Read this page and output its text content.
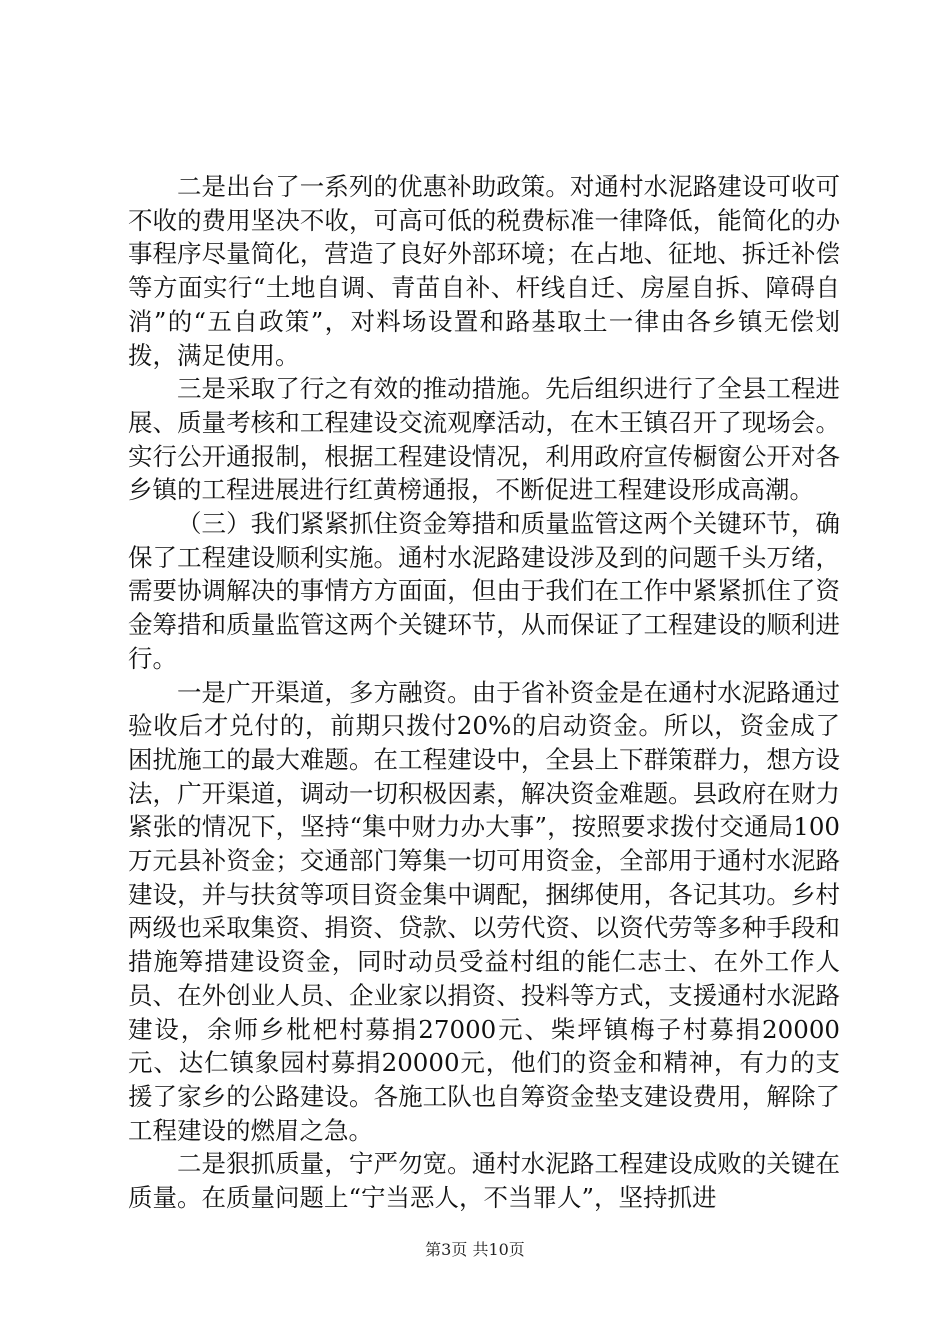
二是出台了一系列的优惠补助政策。对通村水泥路建设可收可不收的费用坚决不收，可高可低的税费标准一律降低，能简化的办事程序尽量简化，营造了良好外部环境；在占地、征地、拆迁补偿等方面实行“土地自调、青苗自补、杆线自迁、房屋自拆、障碍自消”的“五自政策”，对料场设置和路基取土一律由各乡镇无偿划拨，满足使用。

三是采取了行之有效的推动措施。先后组织进行了全县工程进展、质量考核和工程建设交流观摩活动，在木王镇召开了现场会。实行公开通报制，根据工程建设情况，利用政府宣传橱窗公开对各乡镇的工程进展进行红黄榜通报，不断促进工程建设形成高潮。

（三）我们紧紧抓住资金筹措和质量监管这两个关键环节，确保了工程建设顺利实施。通村水泥路建设涉及到的问题千头万绪，需要协调解决的事情方方面面，但由于我们在工作中紧紧抓住了资金筹措和质量监管这两个关键环节，从而保证了工程建设的顺利进行。

一是广开渠道，多方融资。由于省补资金是在通村水泥路通过验收后才兑付的，前期只拨付20%的启动资金。所以，资金成了困扰施工的最大难题。在工程建设中，全县上下群策群力，想方设法，广开渠道，调动一切积极因素，解决资金难题。县政府在财力紧张的情况下，坚持“集中财力办大事”，按照要求拨付交通局100万元县补资金；交通部门筹集一切可用资金，全部用于通村水泥路建设，并与扶贫等项目资金集中调配，捆绑使用，各记其功。乡村两级也采取集资、捐资、贷款、以劳代资、以资代劳等多种手段和措施筹措建设资金，同时动员受益村组的能仁志士、在外工作人员、在外创业人员、企业家以捐资、投料等方式，支援通村水泥路建设，余师乡枇杷村募捐27000元、柴坪镇梅子村募捐20000元、达仁镇象园村募捐20000元，他们的资金和精神，有力的支援了家乡的公路建设。各施工队也自筹资金垫支建设费用，解除了工程建设的燃眉之急。

二是狠抓质量，宁严勿宽。通村水泥路工程建设成败的关键在质量。在质量问题上“宁当恶人，不当罪人”，坚持抓进

第3页 共10页
